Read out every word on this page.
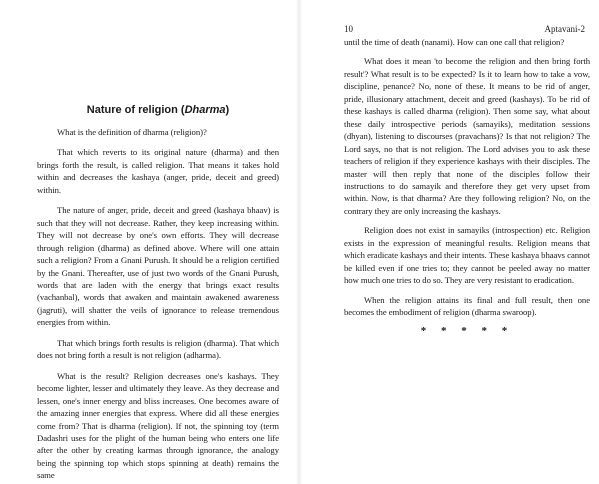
Nature of religion (Dharma)

What is the definition of dharma (religion)?

That which reverts to its original nature (dharma) and then brings forth the result, is called religion. That means it takes hold within and decreases the kashaya (anger, pride, deceit and greed) within.

The nature of anger, pride, deceit and greed (kashaya bhaav) is such that they will not decrease. Rather, they keep increasing within. They will not decrease by one's own efforts. They will decrease through religion (dharma) as defined above. Where will one attain such a religion? From a Gnani Purush. It should be a religion certified by the Gnani. Thereafter, use of just two words of the Gnani Purush, words that are laden with the energy that brings exact results (vachanbal), words that awaken and maintain awakened awareness (jagruti), will shatter the veils of ignorance to release tremendous energies from within.

That which brings forth results is religion (dharma). That which does not bring forth a result is not religion (adharma).

What is the result? Religion decreases one's kashays. They become lighter, lesser and ultimately they leave. As they decrease and lessen, one's inner energy and bliss increases. One becomes aware of the amazing inner energies that express. Where did all these energies come from? That is dharma (religion). If not, the spinning toy (term Dadashri uses for the plight of the human being who enters one life after the other by creating karmas through ignorance, the analogy being the spinning top which stops spinning at death) remains the same

10	Aptavani-2

until the time of death (nanami). How can one call that religion?

What does it mean 'to become the religion and then bring forth result'? What result is to be expected? Is it to learn how to take a vow, discipline, penance? No, none of these. It means to be rid of anger, pride, illusionary attachment, deceit and greed (kashays). To be rid of these kashays is called dharma (religion). Then some say, what about these daily introspective periods (samayiks), meditation sessions (dhyan), listening to discourses (pravachans)? Is that not religion? The Lord says, no that is not religion. The Lord advises you to ask these teachers of religion if they experience kashays with their disciples. The master will then reply that none of the disciples follow their instructions to do samayik and therefore they get very upset from within. Now, is that dharma? Are they following religion? No, on the contrary they are only increasing the kashays.

Religion does not exist in samayiks (introspection) etc. Religion exists in the expression of meaningful results. Religion means that which eradicate kashays and their intents. These kashaya bhaavs cannot be killed even if one tries to; they cannot be peeled away no matter how much one tries to do so. They are very resistant to eradication.

When the religion attains its final and full result, then one becomes the embodiment of religion (dharma swaroop).

* * * * *
